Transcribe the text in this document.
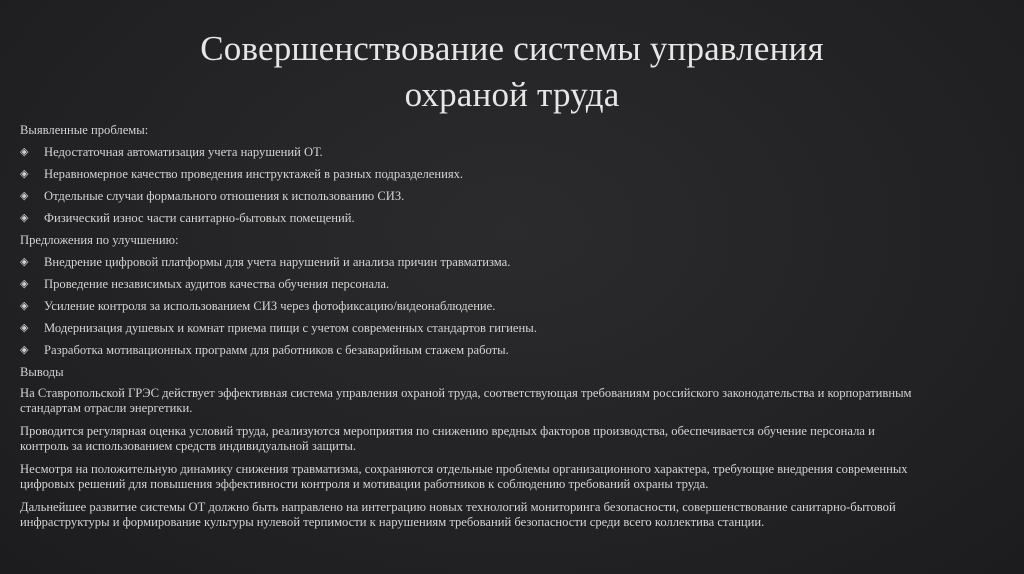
Совершенствование системы управления
охраной труда
Выявленные проблемы:
◈ Недостаточная автоматизация учета нарушений ОТ.
◈ Неравномерное качество проведения инструктажей в разных подразделениях.
◈ Отдельные случаи формального отношения к использованию СИЗ.
◈ Физический износ части санитарно-бытовых помещений.
Предложения по улучшению:
◈ Внедрение цифровой платформы для учета нарушений и анализа причин травматизма.
◈ Проведение независимых аудитов качества обучения персонала.
◈ Усиление контроля за использованием СИЗ через фотофиксацию/видеонаблюдение.
◈ Модернизация душевых и комнат приема пищи с учетом современных стандартов гигиены.
◈ Разработка мотивационных программ для работников с безаварийным стажем работы.
Выводы
На Ставропольской ГРЭС действует эффективная система управления охраной труда, соответствующая требованиям российского законодательства и корпоративным стандартам отрасли энергетики.
Проводится регулярная оценка условий труда, реализуются мероприятия по снижению вредных факторов производства, обеспечивается обучение персонала и контроль за использованием средств индивидуальной защиты.
Несмотря на положительную динамику снижения травматизма, сохраняются отдельные проблемы организационного характера, требующие внедрения современных цифровых решений для повышения эффективности контроля и мотивации работников к соблюдению требований охраны труда.
Дальнейшее развитие системы ОТ должно быть направлено на интеграцию новых технологий мониторинга безопасности, совершенствование санитарно-бытовой инфраструктуры и формирование культуры нулевой терпимости к нарушениям требований безопасности среди всего коллектива станции.
